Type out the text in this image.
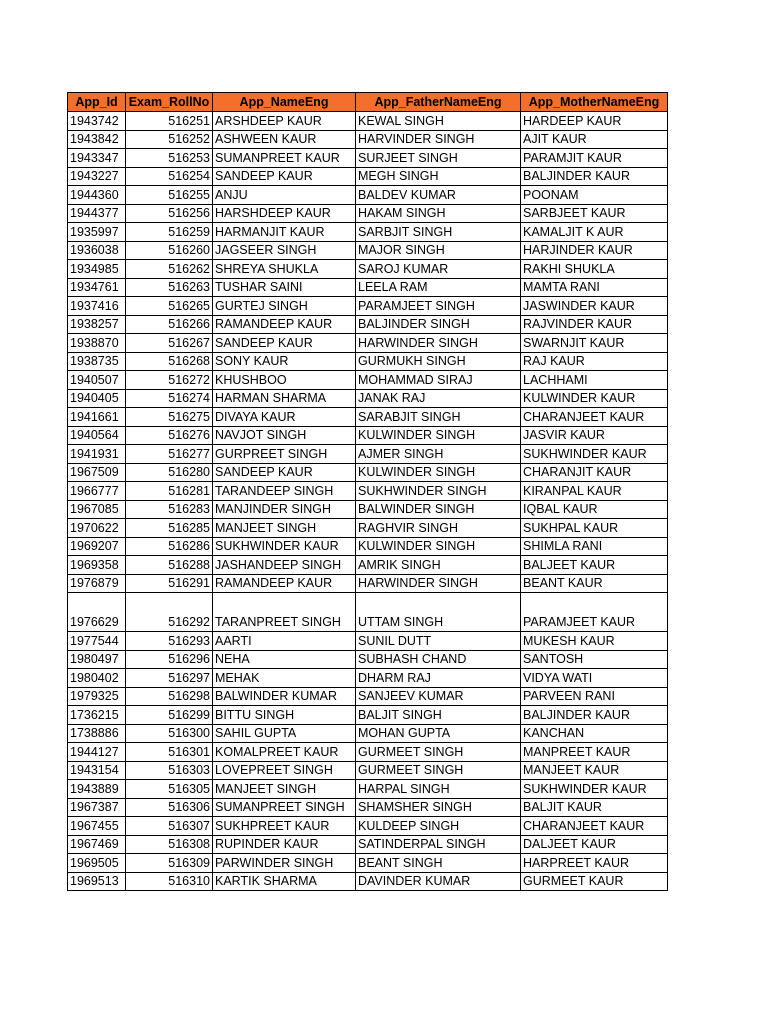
App_Id	Exam_RollNo	App_NameEng	App_FatherNameEng	App_MotherNameEng
1943742	516251	ARSHDEEP KAUR	KEWAL SINGH	HARDEEP KAUR
1943842	516252	ASHWEEN KAUR	HARVINDER SINGH	AJIT KAUR
1943347	516253	SUMANPREET KAUR	SURJEET SINGH	PARAMJIT KAUR
1943227	516254	SANDEEP KAUR	MEGH SINGH	BALJINDER KAUR
1944360	516255	ANJU	BALDEV KUMAR	POONAM
1944377	516256	HARSHDEEP KAUR	HAKAM SINGH	SARBJEET KAUR
1935997	516259	HARMANJIT KAUR	SARBJIT SINGH	KAMALJIT K AUR
1936038	516260	JAGSEER SINGH	MAJOR SINGH	HARJINDER KAUR
1934985	516262	SHREYA SHUKLA	SAROJ KUMAR	RAKHI SHUKLA
1934761	516263	TUSHAR SAINI	LEELA RAM	MAMTA RANI
1937416	516265	GURTEJ SINGH	PARAMJEET SINGH	JASWINDER KAUR
1938257	516266	RAMANDEEP KAUR	BALJINDER SINGH	RAJVINDER KAUR
1938870	516267	SANDEEP KAUR	HARWINDER SINGH	SWARNJIT KAUR
1938735	516268	SONY KAUR	GURMUKH SINGH	RAJ KAUR
1940507	516272	KHUSHBOO	MOHAMMAD SIRAJ	LACHHAMI
1940405	516274	HARMAN SHARMA	JANAK RAJ	KULWINDER KAUR
1941661	516275	DIVAYA KAUR	SARABJIT SINGH	CHARANJEET KAUR
1940564	516276	NAVJOT SINGH	KULWINDER SINGH	JASVIR KAUR
1941931	516277	GURPREET SINGH	AJMER SINGH	SUKHWINDER KAUR
1967509	516280	SANDEEP KAUR	KULWINDER SINGH	CHARANJIT KAUR
1966777	516281	TARANDEEP SINGH	SUKHWINDER SINGH	KIRANPAL KAUR
1967085	516283	MANJINDER SINGH	BALWINDER SINGH	IQBAL KAUR
1970622	516285	MANJEET SINGH	RAGHVIR SINGH	SUKHPAL KAUR
1969207	516286	SUKHWINDER KAUR	KULWINDER SINGH	SHIMLA RANI
1969358	516288	JASHANDEEP SINGH	AMRIK SINGH	BALJEET KAUR
1976879	516291	RAMANDEEP KAUR	HARWINDER SINGH	BEANT KAUR
1976629	516292	TARANPREET SINGH	UTTAM SINGH	PARAMJEET KAUR
1977544	516293	AARTI	SUNIL DUTT	MUKESH KAUR
1980497	516296	NEHA	SUBHASH CHAND	SANTOSH
1980402	516297	MEHAK	DHARM RAJ	VIDYA WATI
1979325	516298	BALWINDER KUMAR	SANJEEV KUMAR	PARVEEN RANI
1736215	516299	BITTU SINGH	BALJIT SINGH	BALJINDER KAUR
1738886	516300	SAHIL GUPTA	MOHAN GUPTA	KANCHAN
1944127	516301	KOMALPREET KAUR	GURMEET SINGH	MANPREET KAUR
1943154	516303	LOVEPREET SINGH	GURMEET SINGH	MANJEET KAUR
1943889	516305	MANJEET SINGH	HARPAL SINGH	SUKHWINDER KAUR
1967387	516306	SUMANPREET SINGH	SHAMSHER SINGH	BALJIT KAUR
1967455	516307	SUKHPREET KAUR	KULDEEP SINGH	CHARANJEET KAUR
1967469	516308	RUPINDER KAUR	SATINDERPAL SINGH	DALJEET KAUR
1969505	516309	PARWINDER SINGH	BEANT SINGH	HARPREET KAUR
1969513	516310	KARTIK SHARMA	DAVINDER KUMAR	GURMEET KAUR
